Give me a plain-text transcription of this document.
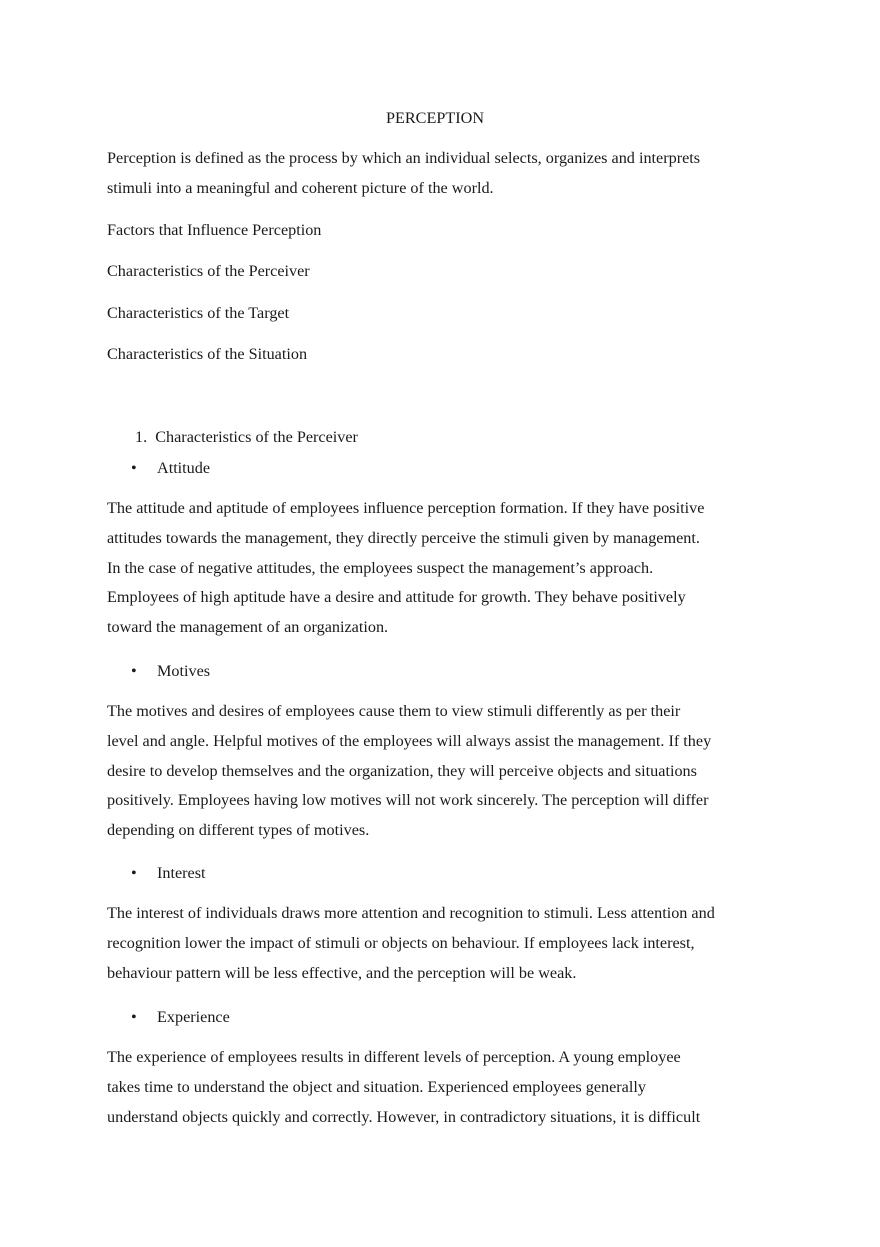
PERCEPTION

Perception is defined as the process by which an individual selects, organizes and interprets
stimuli into a meaningful and coherent picture of the world.

Factors that Influence Perception

Characteristics of the Perceiver

Characteristics of the Target

Characteristics of the Situation

1. Characteristics of the Perceiver

• Attitude

The attitude and aptitude of employees influence perception formation. If they have positive
attitudes towards the management, they directly perceive the stimuli given by management.
In the case of negative attitudes, the employees suspect the management’s approach.
Employees of high aptitude have a desire and attitude for growth. They behave positively
toward the management of an organization.

• Motives

The motives and desires of employees cause them to view stimuli differently as per their
level and angle. Helpful motives of the employees will always assist the management. If they
desire to develop themselves and the organization, they will perceive objects and situations
positively. Employees having low motives will not work sincerely. The perception will differ
depending on different types of motives.

• Interest

The interest of individuals draws more attention and recognition to stimuli. Less attention and
recognition lower the impact of stimuli or objects on behaviour. If employees lack interest,
behaviour pattern will be less effective, and the perception will be weak.

• Experience

The experience of employees results in different levels of perception. A young employee
takes time to understand the object and situation. Experienced employees generally
understand objects quickly and correctly. However, in contradictory situations, it is difficult
